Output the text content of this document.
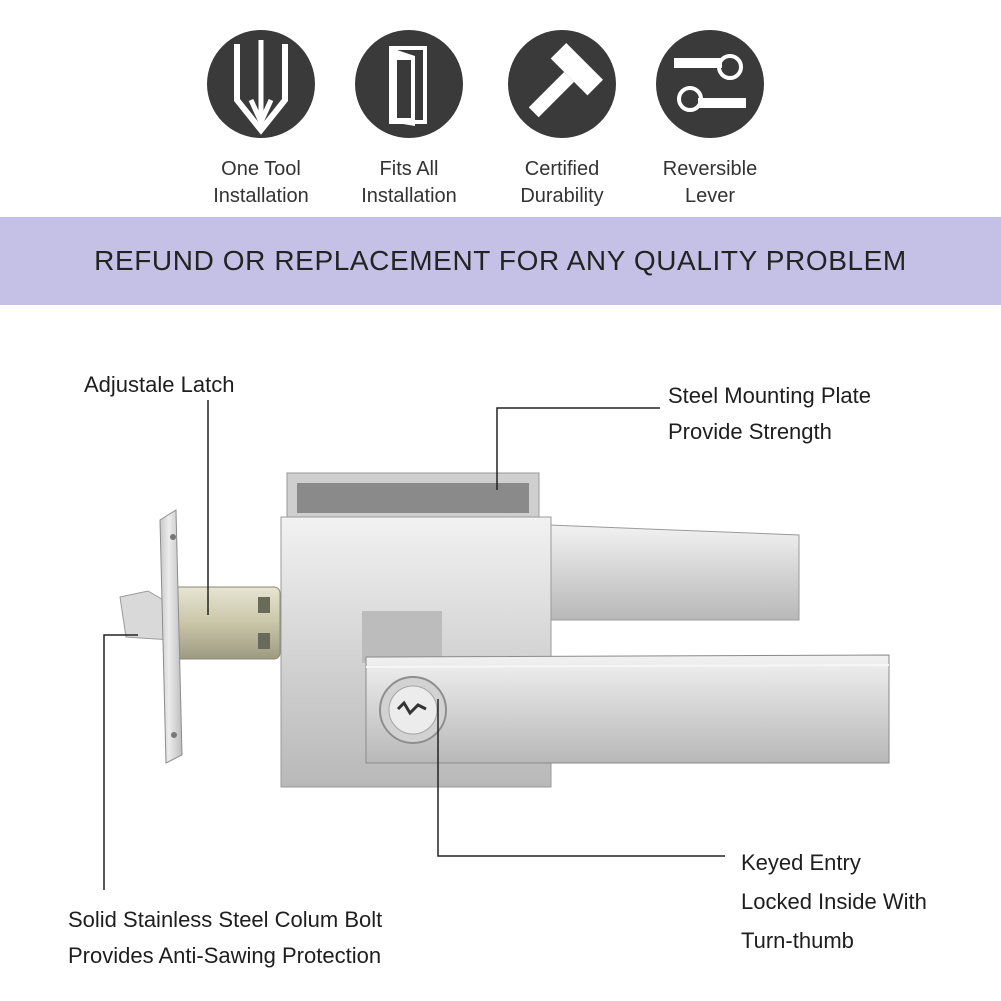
One Tool
Installation
Fits All
Installation
Certified
Durability
Reversible
Lever
REFUND OR REPLACEMENT FOR ANY QUALITY PROBLEM
Adjustale Latch	Steel Mounting Plate
Provide Strength
Solid Stainless Steel Colum Bolt
Provides Anti-Sawing Protection
Keyed Entry
Locked Inside With
Turn-thumb
